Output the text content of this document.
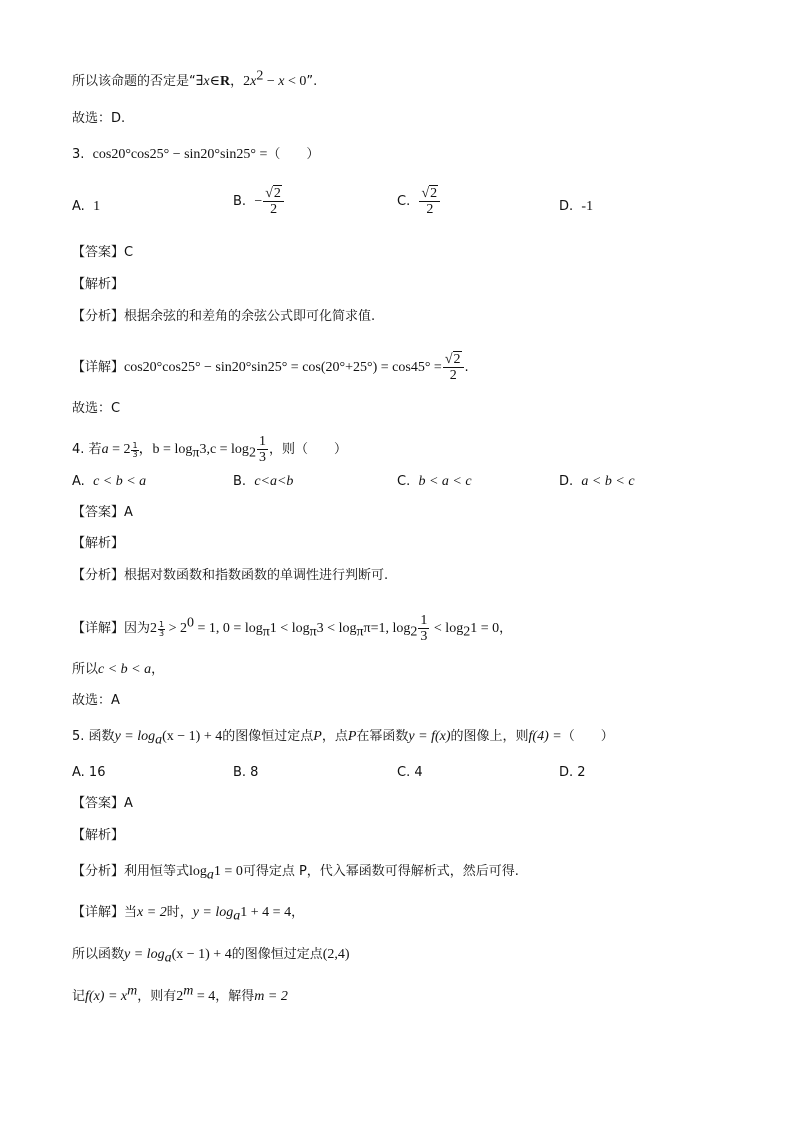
所以该命题的否定是“∃x∈R，$2x^2 - x < 0$”.
故选：D.
3. cos20°cos25° − sin20°sin25° =（　　）
A. 1	B. − $\frac{√2}{2}$	C. $\frac{√2}{2}$	D. -1
【答案】C
【解析】
【分析】根据余弦的和差角的余弦公式即可化简求值.
【详解】$\cos 20^\circ\cos 25^\circ - \sin 20^\circ\sin 25^\circ = \cos(20^\circ+25^\circ) = \cos 45^\circ = \frac{√2}{2}$ .
故选：C
4. 若$a = 2 \frac{1}{3}$ ，$b = \log_\pi 3,c = \log_2 \frac{1}{3}$ ，则（　　）
A. c < b < a	B. c<a<b	C. b < a < c	D. a < b < c
【答案】A
【解析】
【分析】根据对数函数和指数函数的单调性进行判断可.
【详解】因为$2 \frac{1}{3} > 2^0 = 1$, $0 = \log_\pi 1 < \log_\pi 3 < \log_\pi\pi=1$, $\log_2 \frac{1}{3} < \log_21 = 0$，
所以c < b < a，
故选：A
5. 函数$y = \log_a(x - 1) + 4$的图像恒过定点P，点P在幂函数y = f(x)的图像上，则f(4) =（　　）
A. 16	B. 8	C. 4	D. 2
【答案】A
【解析】
【分析】利用恒等式$\log_a1 = 0$可得定点 P，代入幂函数可得解析式，然后可得.
【详解】当x = 2时，$y = \log_a1 + 4 = 4$，
所以函数$y = \log_a(x - 1) + 4$的图像恒过定点(2,4)
记$f(x) = x^m$，则有$2^m = 4$，解得m = 2
